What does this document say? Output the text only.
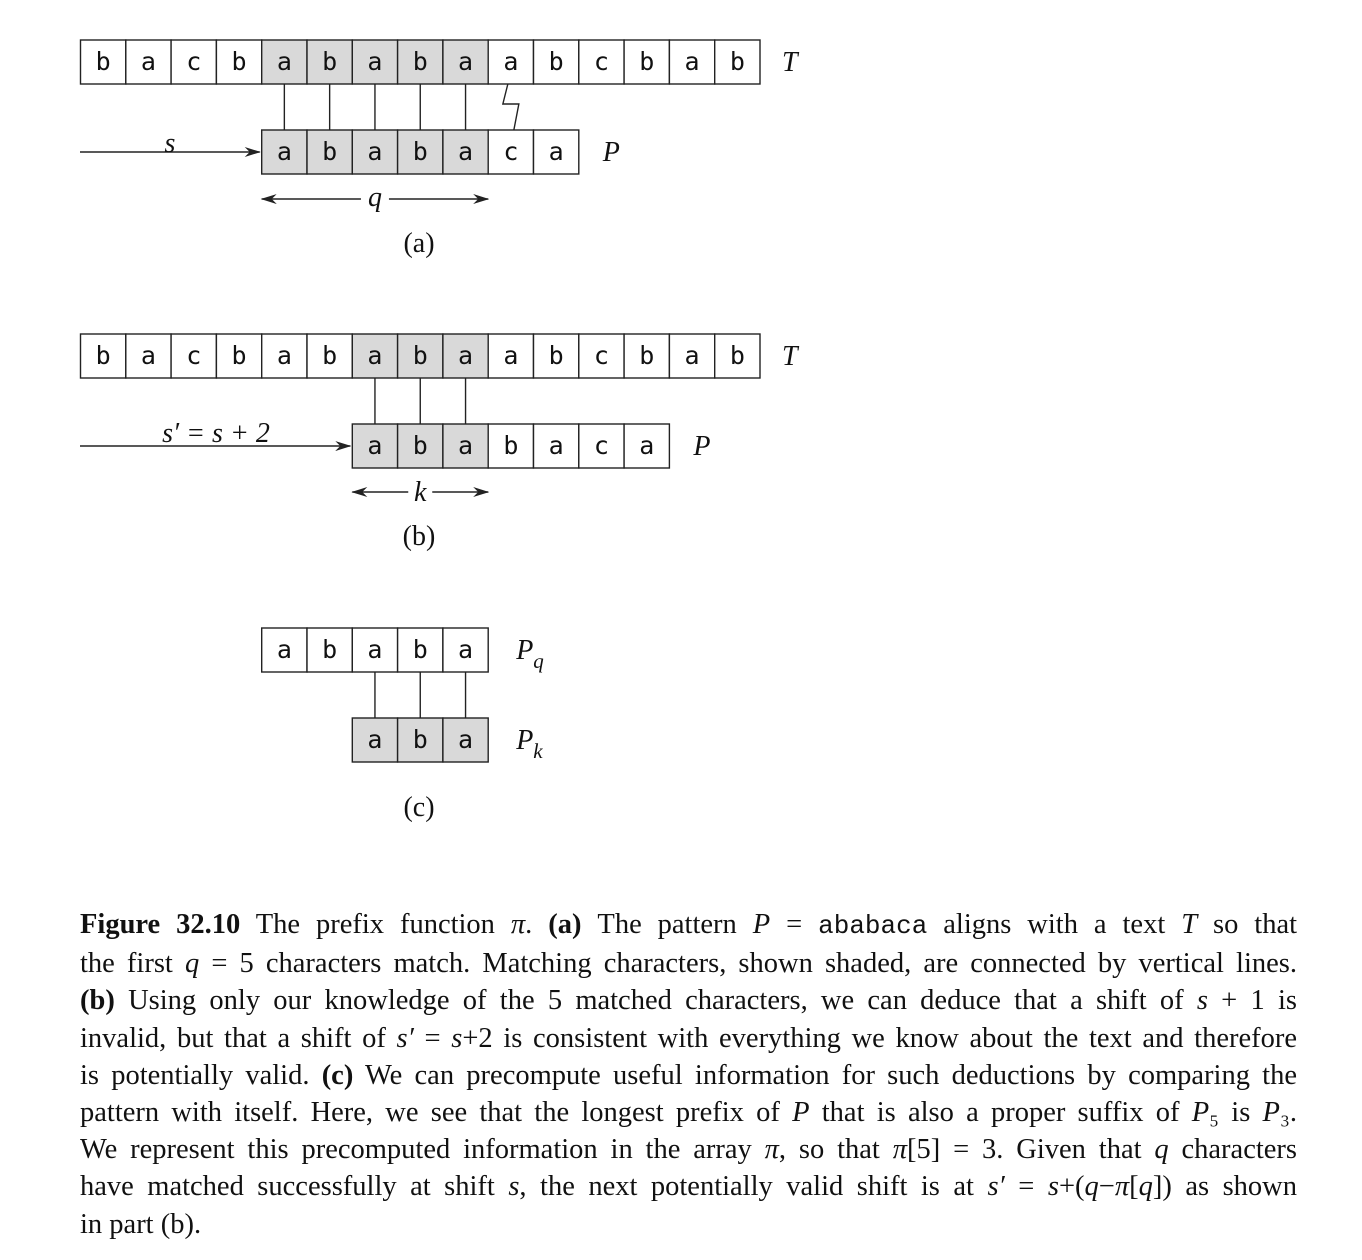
b a c b a b a b a a b c b a b T
a b a b a c a P
s
q
(a)
b a c b a b a b a a b c b a b T
a b a b a c a P
s′ = s + 2
k
(b)
a b a b a $P_q$
a b a $P_k$
(c)
Figure 32.10 The prefix function π. (a) The pattern P = ababaca aligns with a text T so that
the first q = 5 characters match. Matching characters, shown shaded, are connected by vertical lines.
(b) Using only our knowledge of the 5 matched characters, we can deduce that a shift of s + 1 is
invalid, but that a shift of s′ = s+2 is consistent with everything we know about the text and therefore
is potentially valid. (c) We can precompute useful information for such deductions by comparing the
pattern with itself. Here, we see that the longest prefix of P that is also a proper suffix of P₅ is P₃.
We represent this precomputed information in the array π, so that π[5] = 3. Given that q characters
have matched successfully at shift s, the next potentially valid shift is at s′ = s+(q−π[q]) as shown
in part (b).
